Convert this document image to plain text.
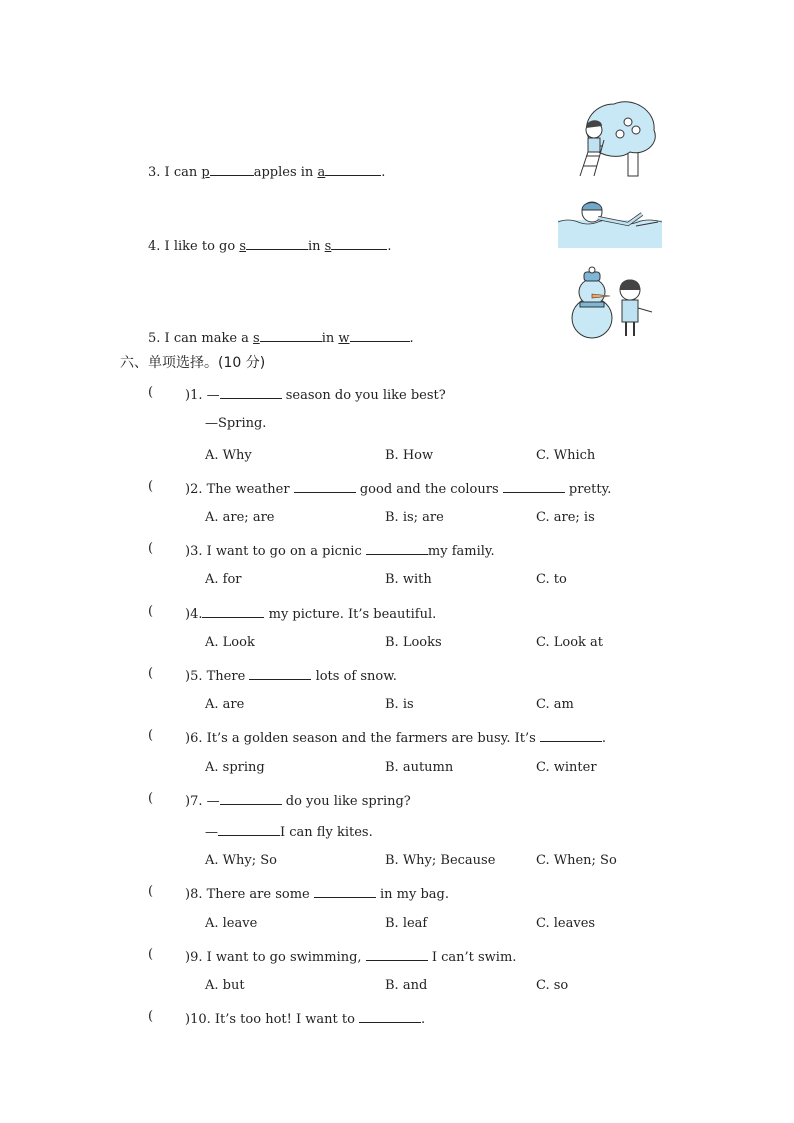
3. I can p	apples in a	.
4. I like to go s	in s	.
5. I can make a s	in w	.
六、单项选择。(10 分)
( )1. —	season do you like best?
—Spring.
A. Why	B. How	C. Which
( )2. The weather	good and the colours	pretty.
A. are; are	B. is; are	C. are; is
( )3. I want to go on a picnic	my family.
A. for	B. with	C. to
( )4.	my picture. It’s beautiful.
A. Look	B. Looks	C. Look at
( )5. There	lots of snow.
A. are	B. is	C. am
( )6. It’s a golden season and the farmers are busy. It’s	.
A. spring	B. autumn	C. winter
( )7. —	do you like spring?
—	I can fly kites.
A. Why; So	B. Why; Because	C. When; So
( )8. There are some	in my bag.
A. leave	B. leaf	C. leaves
( )9. I want to go swimming,	I can’t swim.
A. but	B. and	C. so
( )10. It’s too hot! I want to	.
